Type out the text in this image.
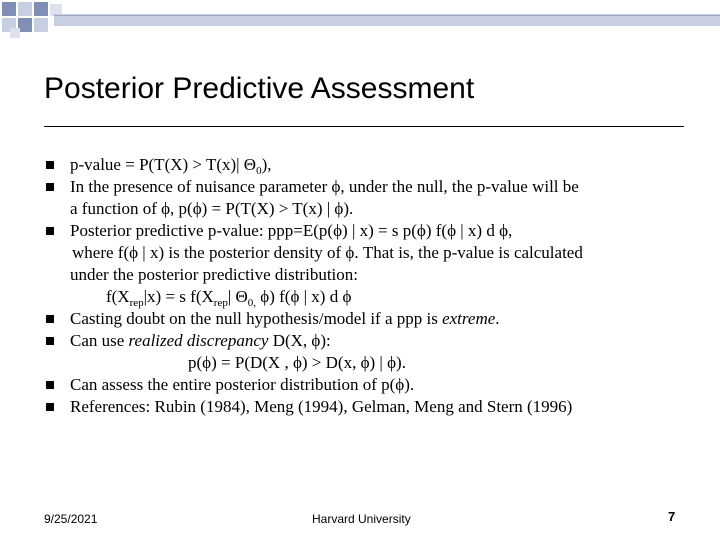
Posterior Predictive Assessment
p-value = P(T(X) > T(x)| $\Theta_0$),
In the presence of nuisance parameter ϕ, under the null, the p-value will be
a function of ϕ, p(ϕ) = P(T(X) > T(x) | ϕ).
Posterior predictive p-value: ppp=E(p(ϕ) | x) = s p(ϕ) f(ϕ | x) d ϕ,
where f(ϕ | x) is the posterior density of ϕ. That is, the p-value is calculated
under the posterior predictive distribution:
$f(X_{rep}|x) = s$ $f(X_{rep}|$ $\Theta_{0,}$ ϕ) f(ϕ | x) d ϕ
Casting doubt on the null hypothesis/model if a ppp is extreme.
Can use realized discrepancy D(X, ϕ):
p(ϕ) = P(D(X , ϕ) > D(x, ϕ) | ϕ).
Can assess the entire posterior distribution of p(ϕ).
References: Rubin (1984), Meng (1994), Gelman, Meng and Stern (1996)
9/25/2021	Harvard University	7
